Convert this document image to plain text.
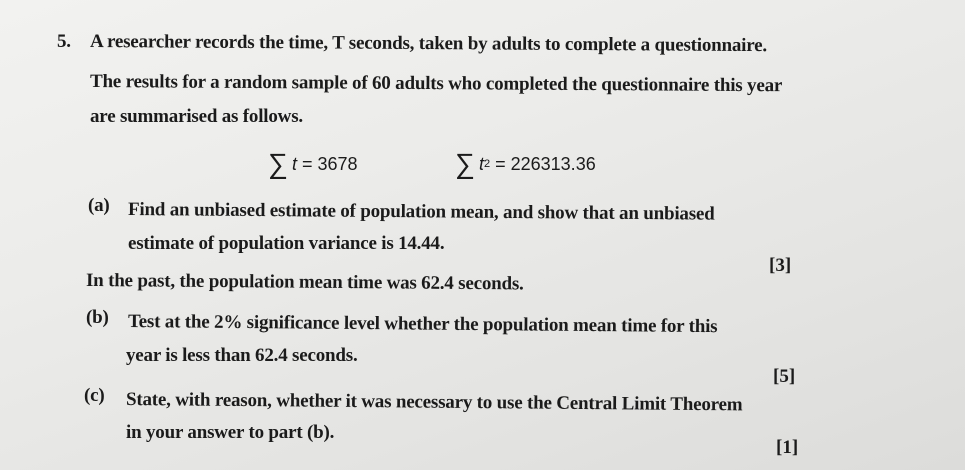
5. A researcher records the time, T seconds, taken by adults to complete a questionnaire.
The results for a random sample of 60 adults who completed the questionnaire this year
are summarised as follows.
∑ t = 3678	∑ t 2 = 226313.36
(a) Find an unbiased estimate of population mean, and show that an unbiased
estimate of population variance is 14.44.
[3]
In the past, the population mean time was 62.4 seconds.
(b) Test at the 2% significance level whether the population mean time for this
year is less than 62.4 seconds.
[5]
(c) State, with reason, whether it was necessary to use the Central Limit Theorem
in your answer to part (b).
[1]
